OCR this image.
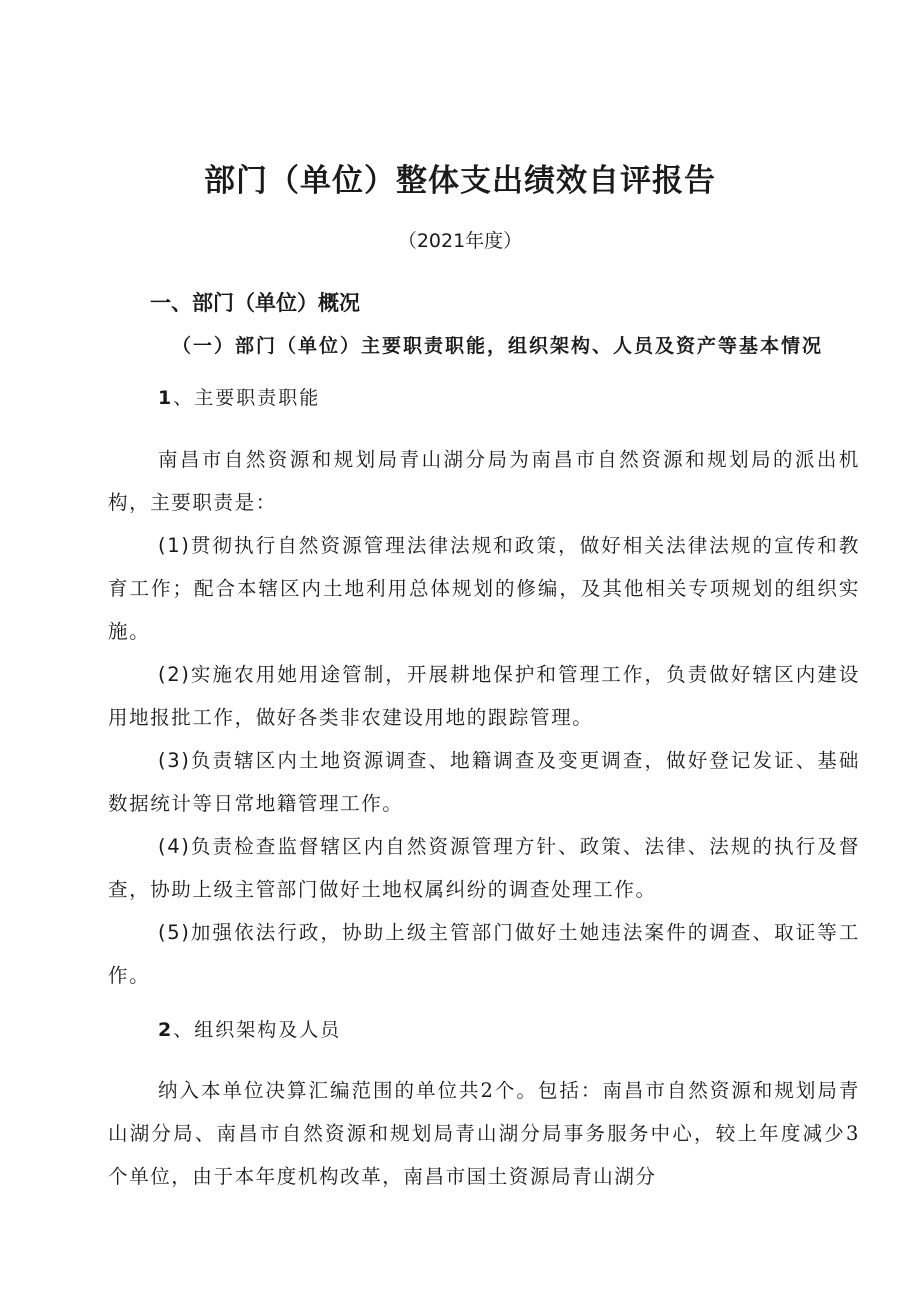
部门（单位）整体支出绩效自评报告
（2021年度）
一、部门（单位）概况
（一）部门（单位）主要职责职能，组织架构、人员及资产等基本情况
1、主要职责职能

南昌市自然资源和规划局青山湖分局为南昌市自然资源和规划局的派出机构，主要职责是：

(1)贯彻执行自然资源管理法律法规和政策，做好相关法律法规的宣传和教育工作；配合本辖区内土地利用总体规划的修编，及其他相关专项规划的组织实施。

(2)实施农用她用途管制，开展耕地保护和管理工作，负责做好辖区内建设用地报批工作，做好各类非农建设用地的跟踪管理。

(3)负责辖区内土地资源调查、地籍调查及变更调查，做好登记发证、基础数据统计等日常地籍管理工作。

(4)负责检查监督辖区内自然资源管理方针、政策、法律、法规的执行及督查，协助上级主管部门做好土地权属纠纷的调查处理工作。

(5)加强依法行政，协助上级主管部门做好土她违法案件的调查、取证等工作。

2、组织架构及人员

纳入本单位决算汇编范围的单位共2个。包括：南昌市自然资源和规划局青山湖分局、南昌市自然资源和规划局青山湖分局事务服务中心，较上年度减少3个单位，由于本年度机构改革，南昌市国土资源局青山湖分
